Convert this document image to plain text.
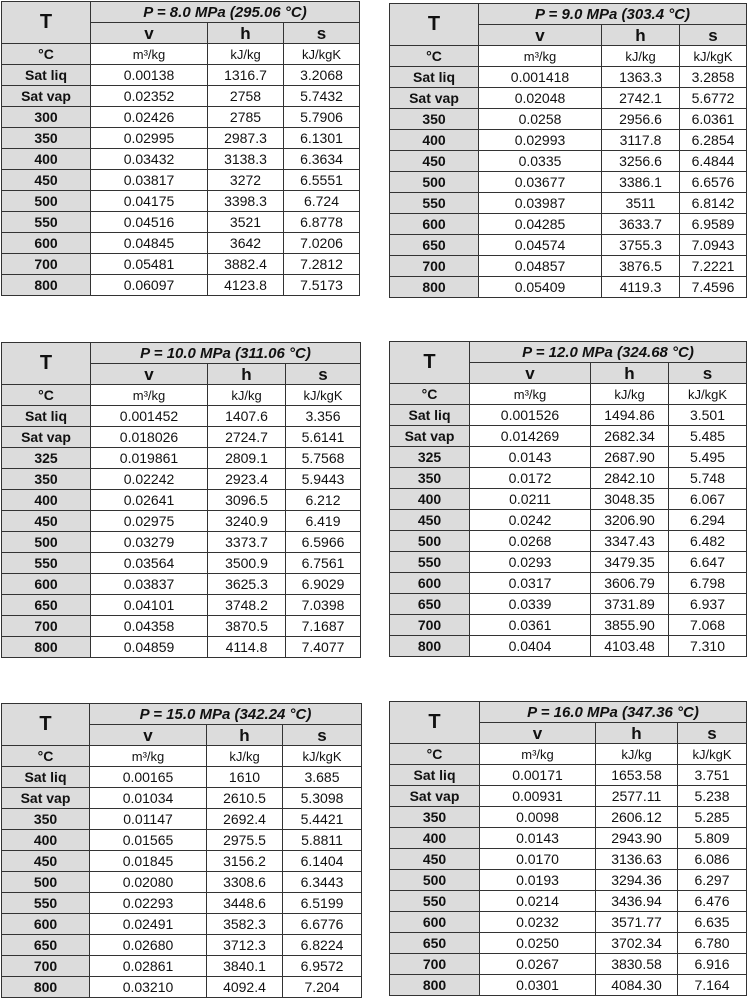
T	P = 8.0 MPa (295.06 °C)		
	v	h	s
°C	m³/kg	kJ/kg	kJ/kgK
Sat liq	0.00138	1316.7	3.2068
Sat vap	0.02352	2758	5.7432
300	0.02426	2785	5.7906
350	0.02995	2987.3	6.1301
400	0.03432	3138.3	6.3634
450	0.03817	3272	6.5551
500	0.04175	3398.3	6.724
550	0.04516	3521	6.8778
600	0.04845	3642	7.0206
700	0.05481	3882.4	7.2812
800	0.06097	4123.8	7.5173
T	P = 9.0 MPa (303.4 °C)		
	v	h	s
°C	m³/kg	kJ/kg	kJ/kgK
Sat liq	0.001418	1363.3	3.2858
Sat vap	0.02048	2742.1	5.6772
350	0.0258	2956.6	6.0361
400	0.02993	3117.8	6.2854
450	0.0335	3256.6	6.4844
500	0.03677	3386.1	6.6576
550	0.03987	3511	6.8142
600	0.04285	3633.7	6.9589
650	0.04574	3755.3	7.0943
700	0.04857	3876.5	7.2221
800	0.05409	4119.3	7.4596
T	P = 10.0 MPa (311.06 °C)		
	v	h	s
°C	m³/kg	kJ/kg	kJ/kgK
Sat liq	0.001452	1407.6	3.356
Sat vap	0.018026	2724.7	5.6141
325	0.019861	2809.1	5.7568
350	0.02242	2923.4	5.9443
400	0.02641	3096.5	6.212
450	0.02975	3240.9	6.419
500	0.03279	3373.7	6.5966
550	0.03564	3500.9	6.7561
600	0.03837	3625.3	6.9029
650	0.04101	3748.2	7.0398
700	0.04358	3870.5	7.1687
800	0.04859	4114.8	7.4077
T	P = 12.0 MPa (324.68 °C)		
	v	h	s
°C	m³/kg	kJ/kg	kJ/kgK
Sat liq	0.001526	1494.86	3.501
Sat vap	0.014269	2682.34	5.485
325	0.0143	2687.90	5.495
350	0.0172	2842.10	5.748
400	0.0211	3048.35	6.067
450	0.0242	3206.90	6.294
500	0.0268	3347.43	6.482
550	0.0293	3479.35	6.647
600	0.0317	3606.79	6.798
650	0.0339	3731.89	6.937
700	0.0361	3855.90	7.068
800	0.0404	4103.48	7.310
T	P = 15.0 MPa (342.24 °C)		
	v	h	s
°C	m³/kg	kJ/kg	kJ/kgK
Sat liq	0.00165	1610	3.685
Sat vap	0.01034	2610.5	5.3098
350	0.01147	2692.4	5.4421
400	0.01565	2975.5	5.8811
450	0.01845	3156.2	6.1404
500	0.02080	3308.6	6.3443
550	0.02293	3448.6	6.5199
600	0.02491	3582.3	6.6776
650	0.02680	3712.3	6.8224
700	0.02861	3840.1	6.9572
800	0.03210	4092.4	7.204
T	P = 16.0 MPa (347.36 °C)		
	v	h	s
°C	m³/kg	kJ/kg	kJ/kgK
Sat liq	0.00171	1653.58	3.751
Sat vap	0.00931	2577.11	5.238
350	0.0098	2606.12	5.285
400	0.0143	2943.90	5.809
450	0.0170	3136.63	6.086
500	0.0193	3294.36	6.297
550	0.0214	3436.94	6.476
600	0.0232	3571.77	6.635
650	0.0250	3702.34	6.780
700	0.0267	3830.58	6.916
800	0.0301	4084.30	7.164
